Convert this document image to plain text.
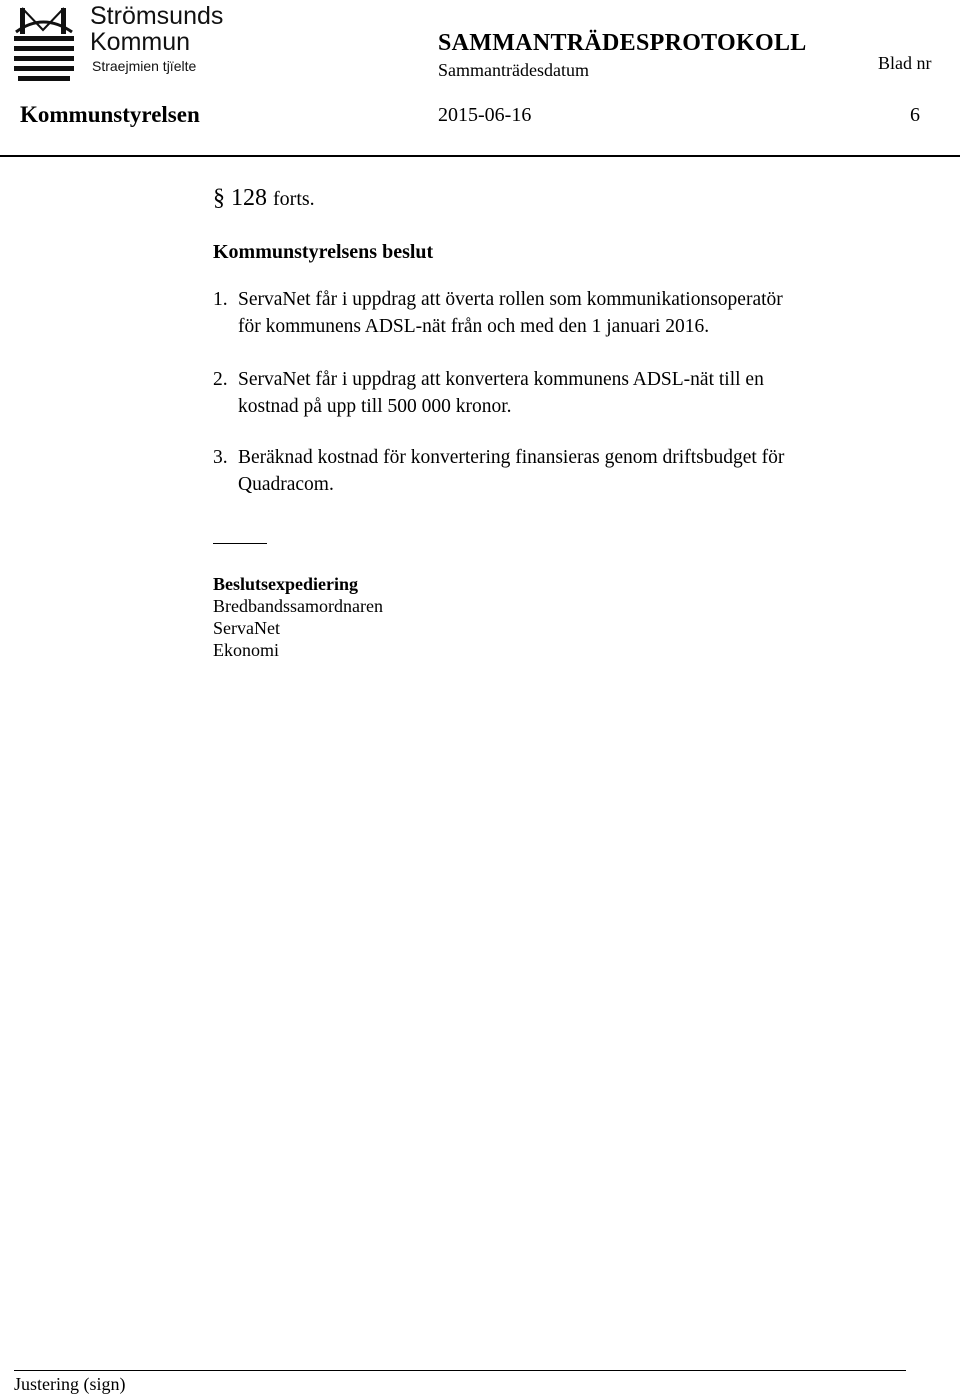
Strömsunds
Kommun
Straejmien tjïelte
SAMMANTRÄDESPROTOKOLL
Sammanträdesdatum	Blad nr
Kommunstyrelsen	2015-06-16	6
§ 128 forts.
Kommunstyrelsens beslut
1. ServaNet får i uppdrag att överta rollen som kommunikationsoperatör
för kommunens ADSL-nät från och med den 1 januari 2016.
2. ServaNet får i uppdrag att konvertera kommunens ADSL-nät till en
kostnad på upp till 500 000 kronor.
3. Beräknad kostnad för konvertering finansieras genom driftsbudget för
Quadracom.
Beslutsexpediering
Bredbandssamordnaren
ServaNet
Ekonomi
Justering (sign)
